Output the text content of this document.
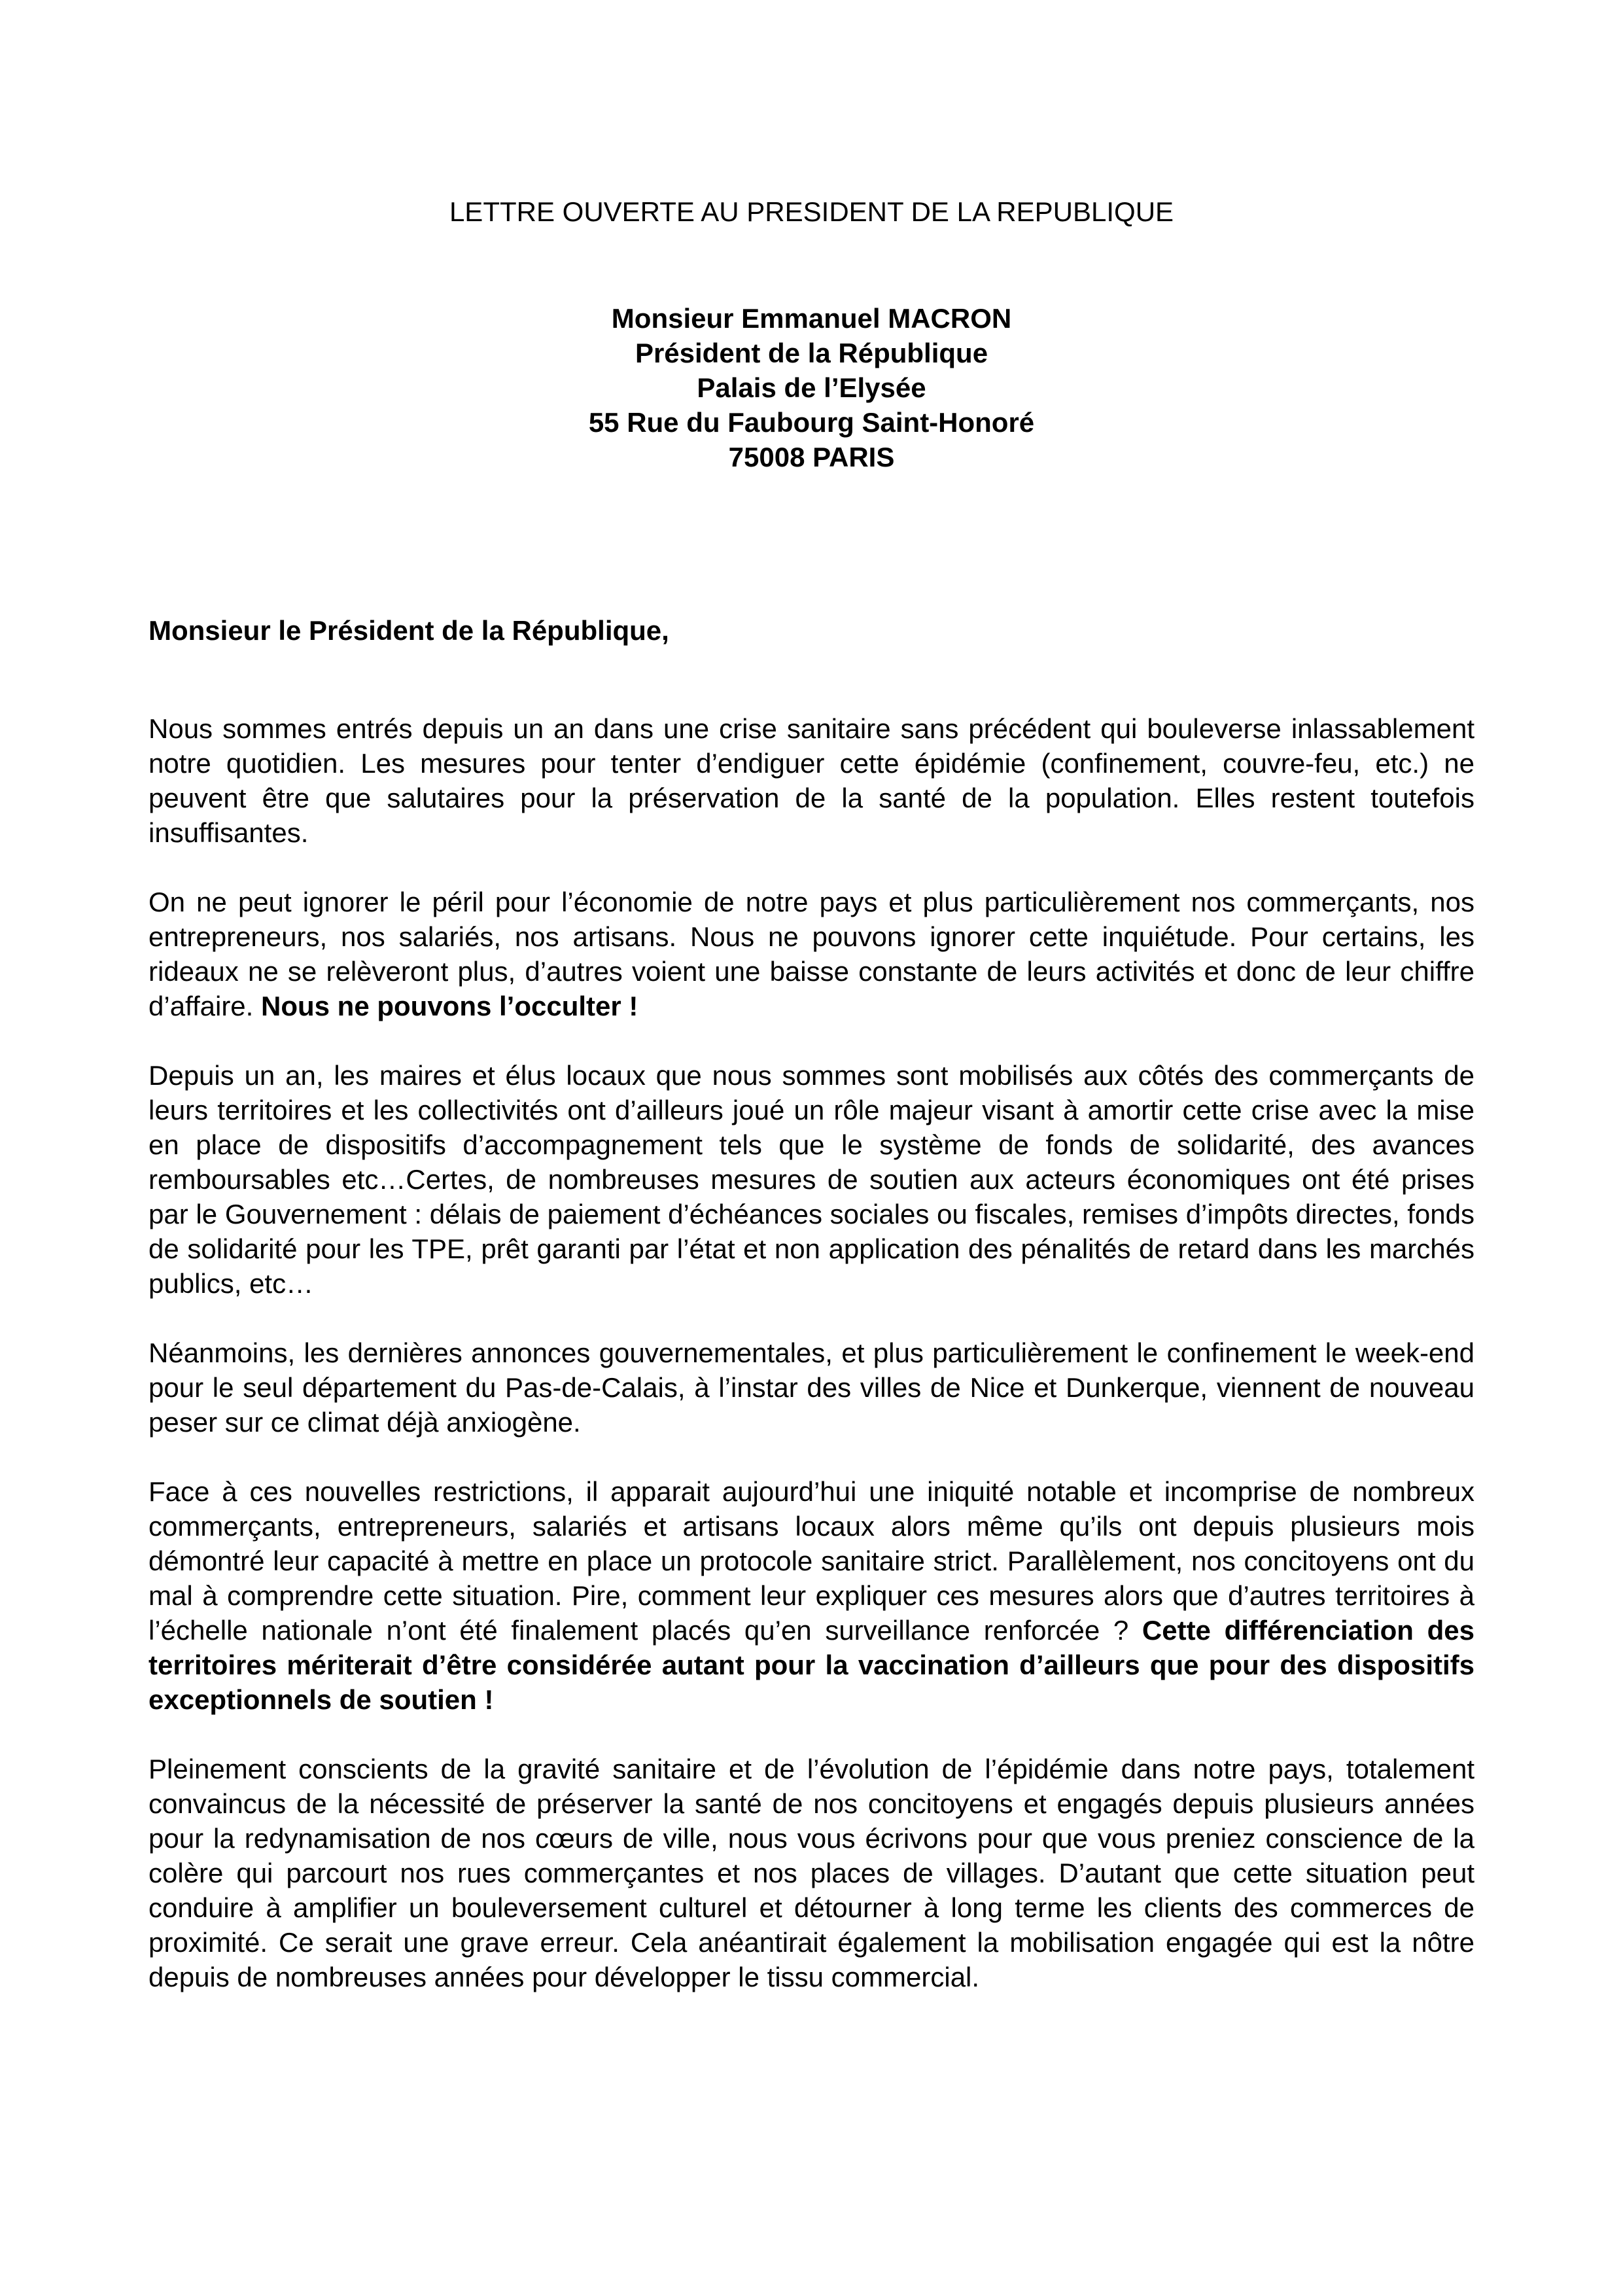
LETTRE OUVERTE AU PRESIDENT DE LA REPUBLIQUE
Monsieur Emmanuel MACRON
Président de la République
Palais de l’Elysée
55 Rue du Faubourg Saint-Honoré
75008 PARIS

Monsieur le Président de la République,

Nous sommes entrés depuis un an dans une crise sanitaire sans précédent qui bouleverse inlassablement notre quotidien. Les mesures pour tenter d’endiguer cette épidémie (confinement, couvre-feu, etc.) ne peuvent être que salutaires pour la préservation de la santé de la population. Elles restent toutefois insuffisantes.

On ne peut ignorer le péril pour l’économie de notre pays et plus particulièrement nos commerçants, nos entrepreneurs, nos salariés, nos artisans. Nous ne pouvons ignorer cette inquiétude. Pour certains, les rideaux ne se relèveront plus, d’autres voient une baisse constante de leurs activités et donc de leur chiffre d’affaire. Nous ne pouvons l’occulter !

Depuis un an, les maires et élus locaux que nous sommes sont mobilisés aux côtés des commerçants de leurs territoires et les collectivités ont d’ailleurs joué un rôle majeur visant à amortir cette crise avec la mise en place de dispositifs d’accompagnement tels que le système de fonds de solidarité, des avances remboursables etc…Certes, de nombreuses mesures de soutien aux acteurs économiques ont été prises par le Gouvernement : délais de paiement d’échéances sociales ou fiscales, remises d’impôts directes, fonds de solidarité pour les TPE, prêt garanti par l’état et non application des pénalités de retard dans les marchés publics, etc…

Néanmoins, les dernières annonces gouvernementales, et plus particulièrement le confinement le week-end pour le seul département du Pas-de-Calais, à l’instar des villes de Nice et Dunkerque, viennent de nouveau peser sur ce climat déjà anxiogène.

Face à ces nouvelles restrictions, il apparait aujourd’hui une iniquité notable et incomprise de nombreux commerçants, entrepreneurs, salariés et artisans locaux alors même qu’ils ont depuis plusieurs mois démontré leur capacité à mettre en place un protocole sanitaire strict. Parallèlement, nos concitoyens ont du mal à comprendre cette situation. Pire, comment leur expliquer ces mesures alors que d’autres territoires à l’échelle nationale n’ont été finalement placés qu’en surveillance renforcée ? Cette différenciation des territoires mériterait d’être considérée autant pour la vaccination d’ailleurs que pour des dispositifs exceptionnels de soutien !

Pleinement conscients de la gravité sanitaire et de l’évolution de l’épidémie dans notre pays, totalement convaincus de la nécessité de préserver la santé de nos concitoyens et engagés depuis plusieurs années pour la redynamisation de nos cœurs de ville, nous vous écrivons pour que vous preniez conscience de la colère qui parcourt nos rues commerçantes et nos places de villages. D’autant que cette situation peut conduire à amplifier un bouleversement culturel et détourner à long terme les clients des commerces de proximité. Ce serait une grave erreur. Cela anéantirait également la mobilisation engagée qui est la nôtre depuis de nombreuses années pour développer le tissu commercial.
